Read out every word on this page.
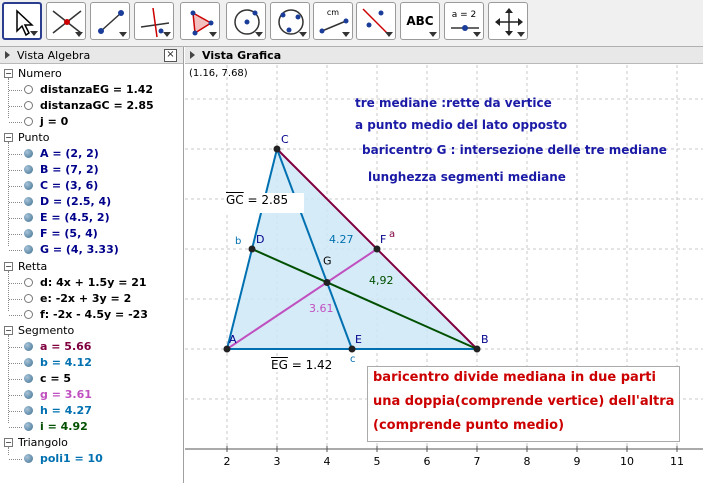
cm
ABC	a = 2
Vista Algebra	×
− Numero
distanzaEG = 1.42
distanzaGC = 2.85
j = 0
− Punto
A = (2, 2)
B = (7, 2)
C = (3, 6)
D = (2.5, 4)
E = (4.5, 2)
F = (5, 4)
G = (4, 3.33)
− Retta
d: 4x + 1.5y = 21
e: -2x + 3y = 2
f: -2x - 4.5y = -23
− Segmento
a = 5.66
b = 4.12
c = 5
g = 3.61
h = 4.27
i = 4.92
− Triangolo
poli1 = 10
Vista Grafica
(1.16, 7.68)
2	3	4	5	6	7	8	9	10	11
A	B
C
D
E
F
G
a
b
c
4.27
4,92
3.61
tre mediane :rette da vertice
a punto medio del lato opposto
baricentro G : intersezione delle tre mediane
lunghezza segmenti mediane
$\overline{GC} = 2.85$
$\overline{EG} = 1.42$
baricentro divide mediana in due parti
una doppia(comprende vertice) dell'altra
(comprende punto medio)
